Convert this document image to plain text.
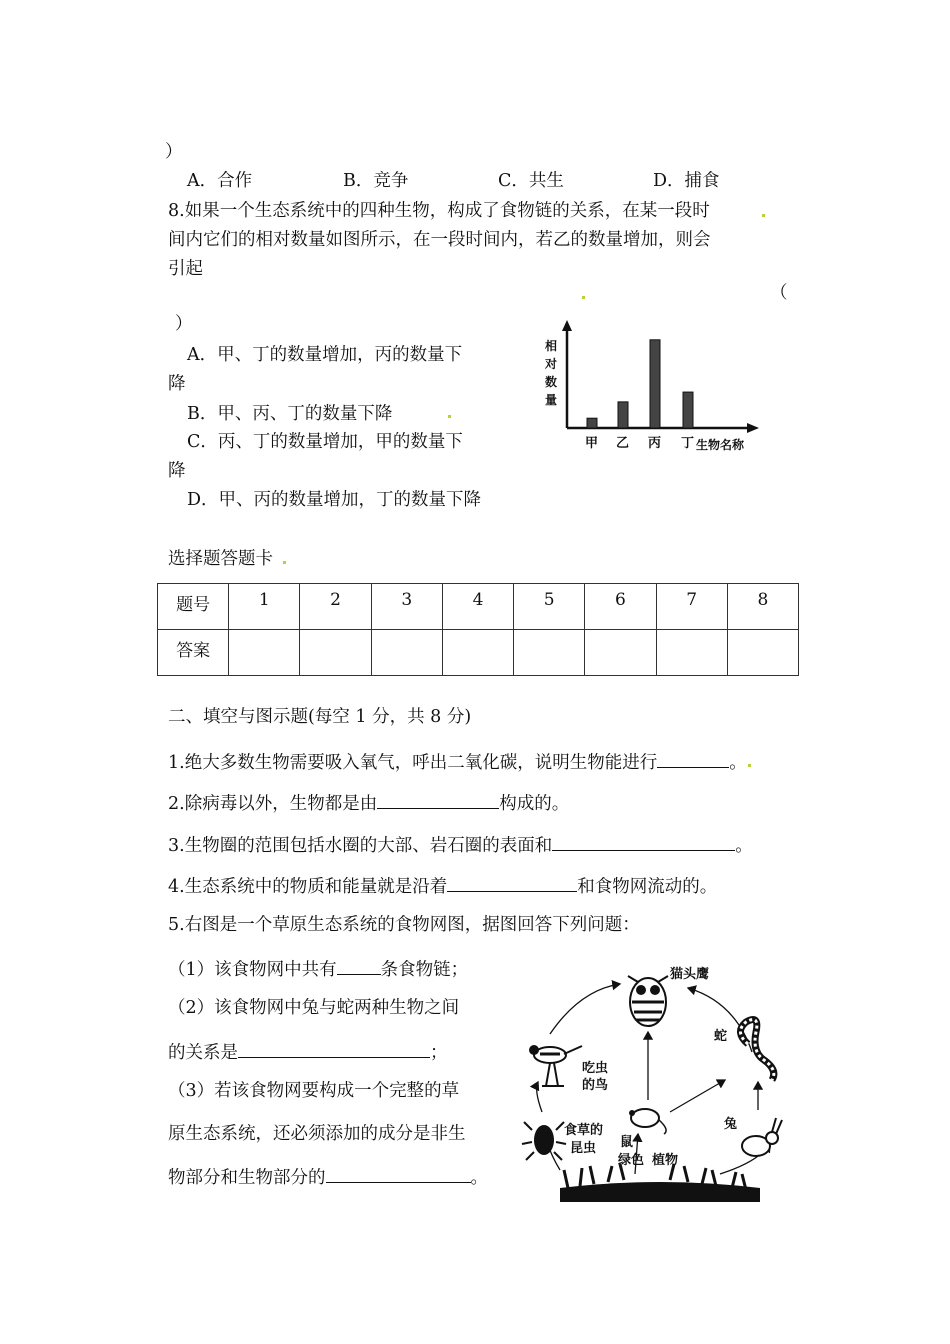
）
A．合作	B．竞争	C．共生	D．捕食
8.如果一个生态系统中的四种生物，构成了食物链的关系，在某一段时
间内它们的相对数量如图所示，在一段时间内，若乙的数量增加，则会
引起
（
）
A．甲、丁的数量增加，丙的数量下
降
B．甲、丙、丁的数量下降
C．丙、丁的数量增加，甲的数量下
降
D．甲、丙的数量增加，丁的数量下降
相
对
数
量
甲 乙 丙 丁 生物名称
选择题答题卡
题号	1	2	3	4	5	6	7	8
答案								
二、填空与图示题(每空 1 分，共 8 分)
1.绝大多数生物需要吸入氧气，呼出二氧化碳，说明生物能进行	。
2.除病毒以外，生物都是由	构成的。
3.生物圈的范围包括水圈的大部、岩石圈的表面和	。
4.生态系统中的物质和能量就是沿着	和食物网流动的。
5.右图是一个草原生态系统的食物网图，据图回答下列问题：
（1）该食物网中共有	条食物链；
（2）该食物网中兔与蛇两种生物之间
的关系是	；
（3）若该食物网要构成一个完整的草
原生态系统，还必须添加的成分是非生
物部分和生物部分的	。
猫头鹰
吃虫
的鸟
蛇
食草的
昆虫 鼠
绿色 植物
兔
